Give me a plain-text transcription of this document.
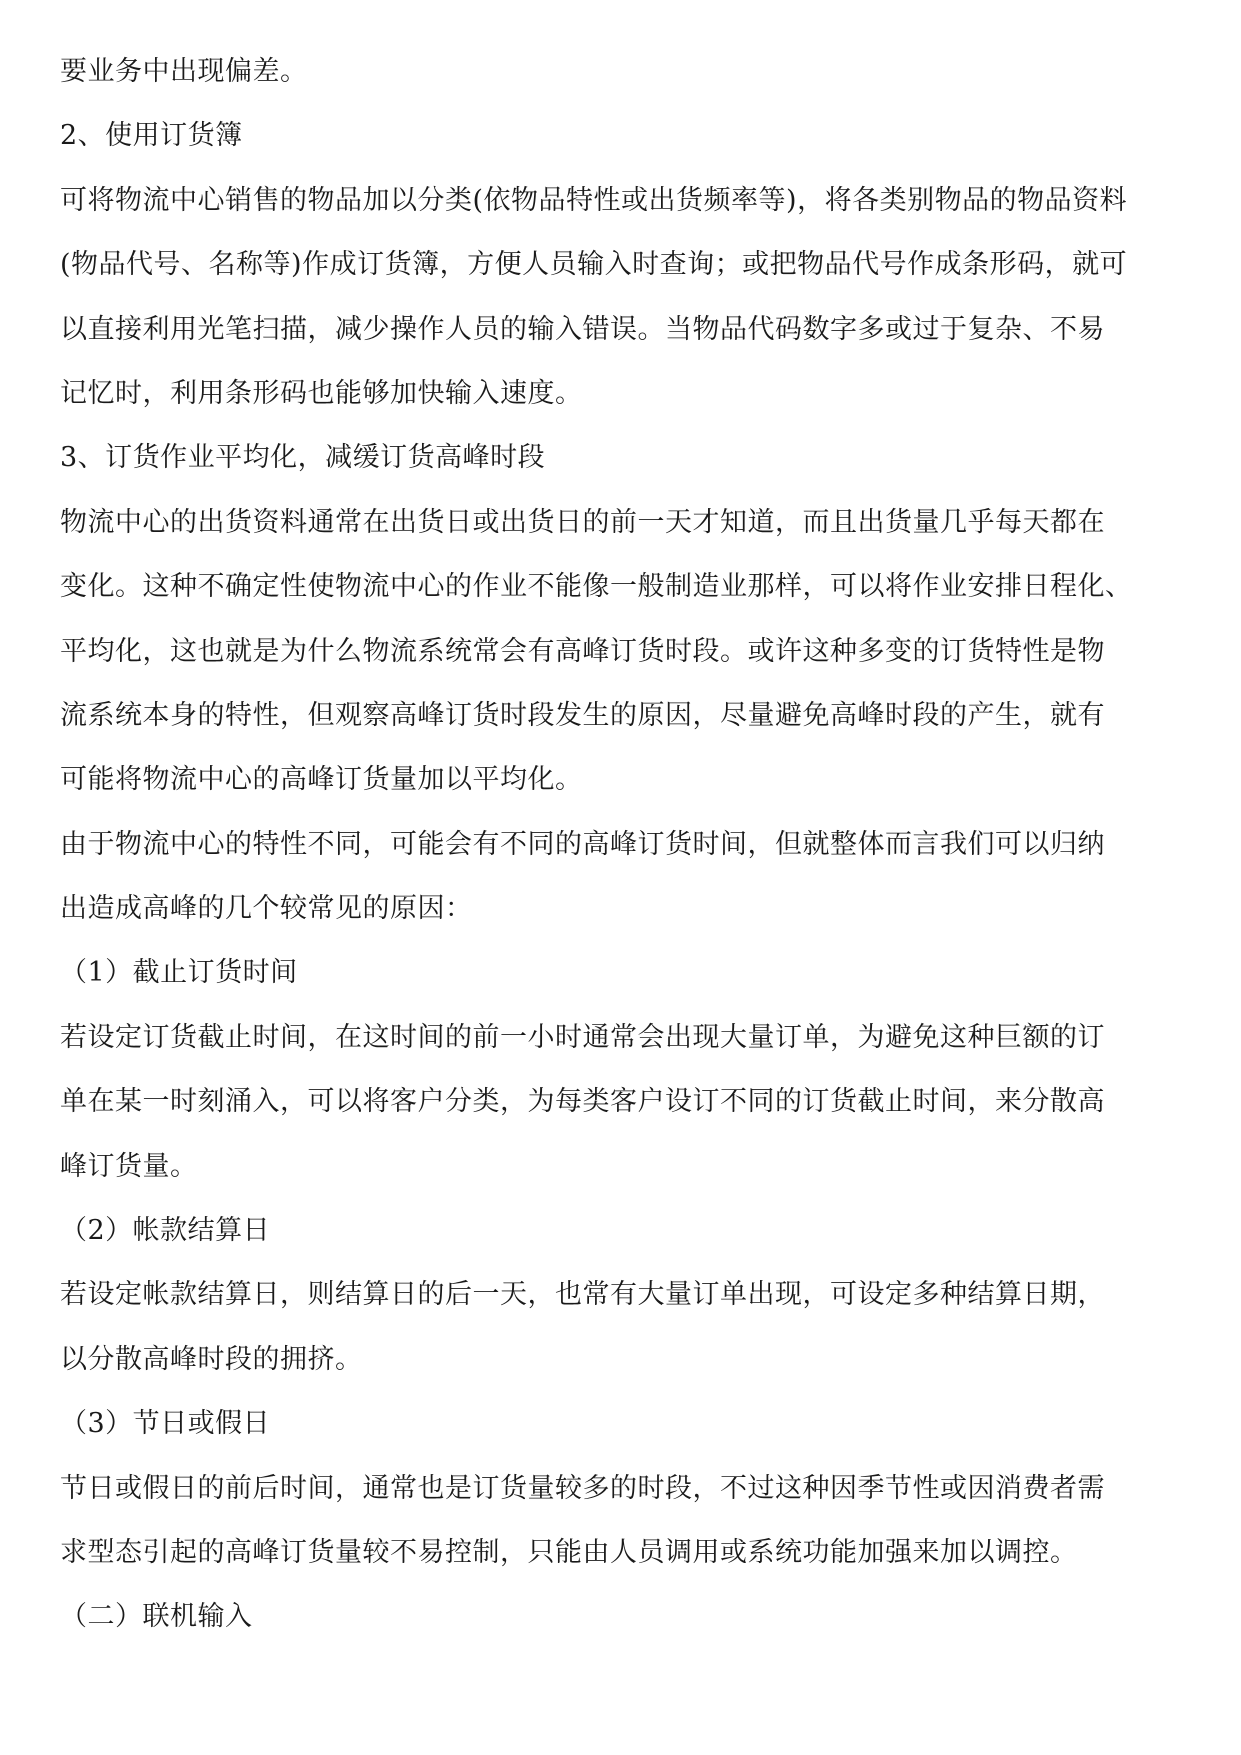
要业务中出现偏差。
2、使用订货簿
可将物流中心销售的物品加以分类(依物品特性或出货频率等)，将各类别物品的物品资料
(物品代号、名称等)作成订货簿，方便人员输入时查询；或把物品代号作成条形码，就可
以直接利用光笔扫描，减少操作人员的输入错误。当物品代码数字多或过于复杂、不易
记忆时，利用条形码也能够加快输入速度。
3、订货作业平均化，减缓订货高峰时段
物流中心的出货资料通常在出货日或出货日的前一天才知道，而且出货量几乎每天都在
变化。这种不确定性使物流中心的作业不能像一般制造业那样，可以将作业安排日程化、
平均化，这也就是为什么物流系统常会有高峰订货时段。或许这种多变的订货特性是物
流系统本身的特性，但观察高峰订货时段发生的原因，尽量避免高峰时段的产生，就有
可能将物流中心的高峰订货量加以平均化。
由于物流中心的特性不同，可能会有不同的高峰订货时间，但就整体而言我们可以归纳
出造成高峰的几个较常见的原因：
（1）截止订货时间
若设定订货截止时间，在这时间的前一小时通常会出现大量订单，为避免这种巨额的订
单在某一时刻涌入，可以将客户分类，为每类客户设订不同的订货截止时间，来分散高
峰订货量。
（2）帐款结算日
若设定帐款结算日，则结算日的后一天，也常有大量订单出现，可设定多种结算日期，
以分散高峰时段的拥挤。
（3）节日或假日
节日或假日的前后时间，通常也是订货量较多的时段，不过这种因季节性或因消费者需
求型态引起的高峰订货量较不易控制，只能由人员调用或系统功能加强来加以调控。
（二）联机输入
